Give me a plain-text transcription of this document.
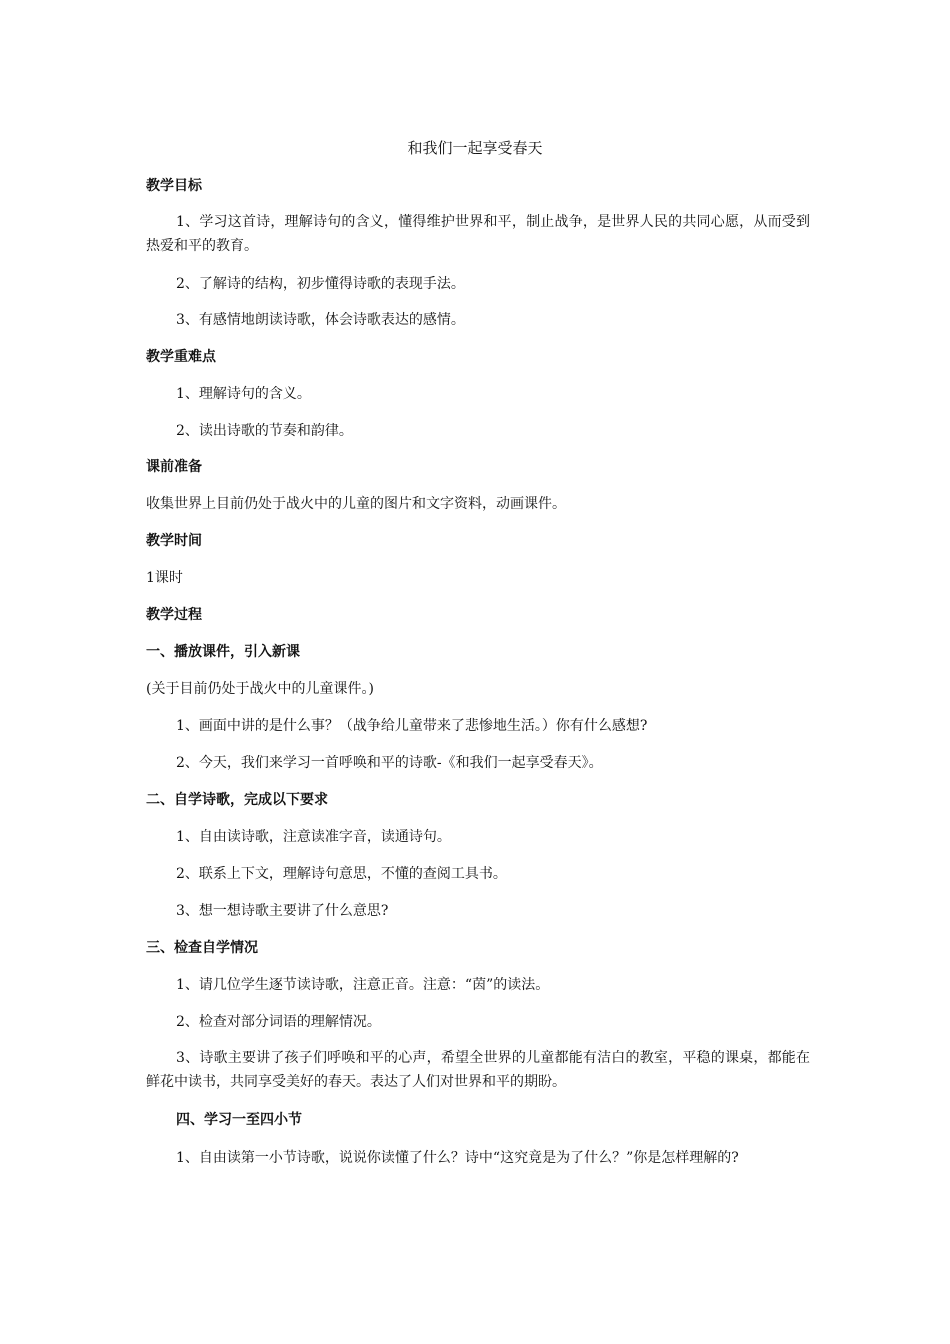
和我们一起享受春天
教学目标
1、学习这首诗，理解诗句的含义，懂得维护世界和平，制止战争，是世界人民的共同心愿，从而受到热爱和平的教育。
2、了解诗的结构，初步懂得诗歌的表现手法。
3、有感情地朗读诗歌，体会诗歌表达的感情。
教学重难点
1、理解诗句的含义。
2、读出诗歌的节奏和韵律。
课前准备
收集世界上目前仍处于战火中的儿童的图片和文字资料，动画课件。
教学时间
1课时
教学过程
一、播放课件，引入新课
(关于目前仍处于战火中的儿童课件。)
1、画面中讲的是什么事？（战争给儿童带来了悲惨地生活。）你有什么感想?
2、今天，我们来学习一首呼唤和平的诗歌-《和我们一起享受春天》。
二、自学诗歌，完成以下要求
1、自由读诗歌，注意读准字音，读通诗句。
2、联系上下文，理解诗句意思，不懂的查阅工具书。
3、想一想诗歌主要讲了什么意思?
三、检查自学情况
1、请几位学生逐节读诗歌，注意正音。注意：“茵”的读法。
2、检查对部分词语的理解情况。
3、诗歌主要讲了孩子们呼唤和平的心声，希望全世界的儿童都能有洁白的教室，平稳的课桌，都能在鲜花中读书，共同享受美好的春天。表达了人们对世界和平的期盼。
四、学习一至四小节
1、自由读第一小节诗歌，说说你读懂了什么？诗中“这究竟是为了什么？”你是怎样理解的?
